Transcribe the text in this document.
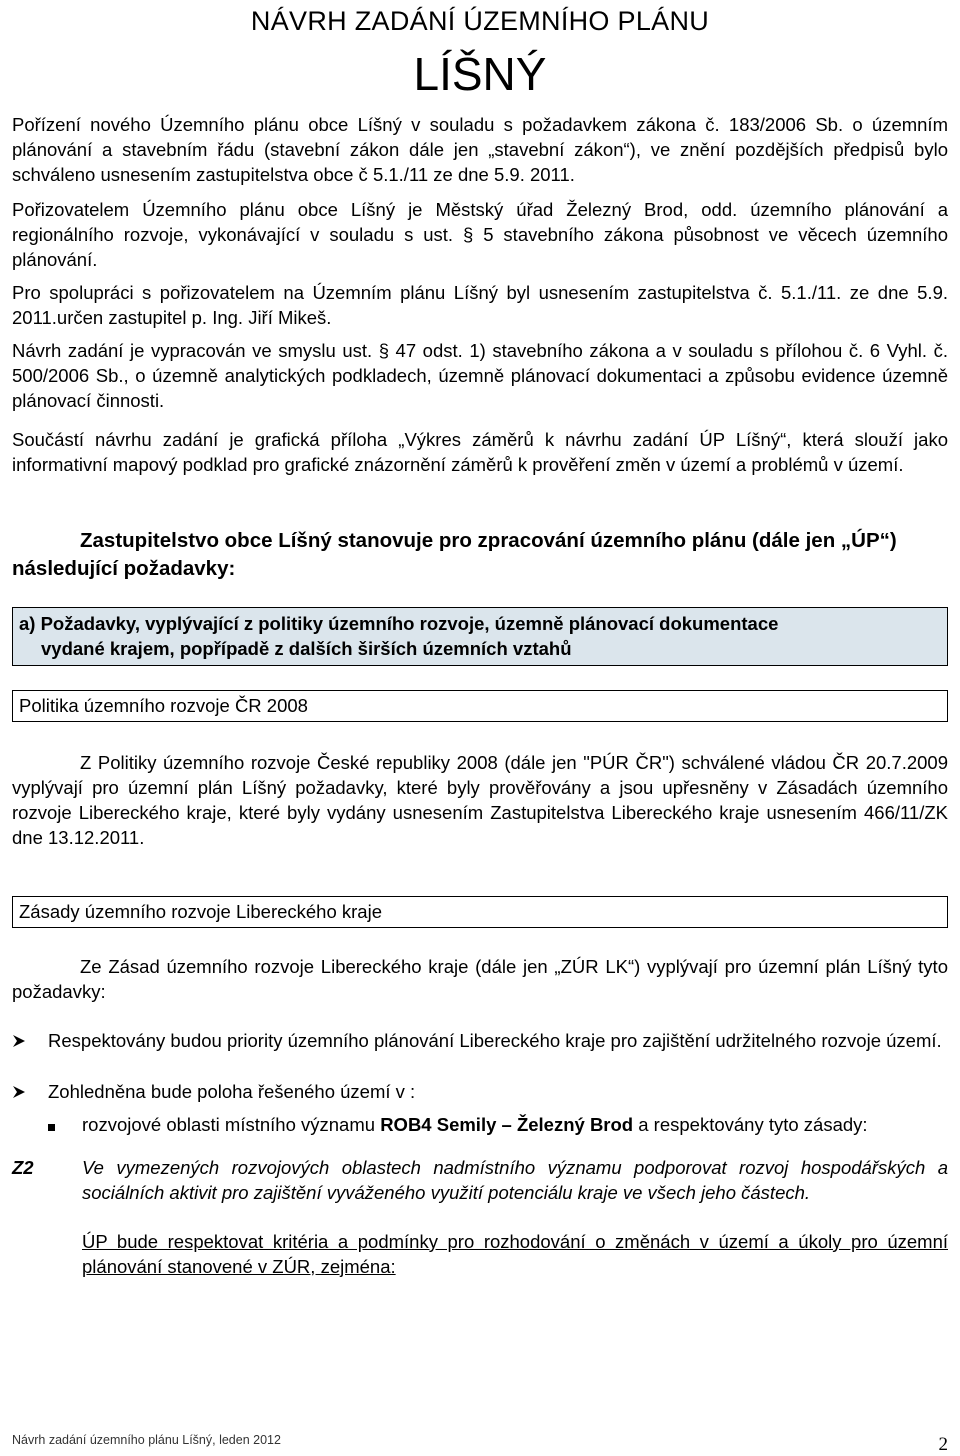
NÁVRH ZADÁNÍ ÚZEMNÍHO PLÁNU
LÍŠNÝ

Pořízení nového Územního plánu obce Líšný v souladu s požadavkem zákona č. 183/2006 Sb. o územním plánování a stavebním řádu (stavební zákon dále jen „stavební zákon“), ve znění pozdějších předpisů bylo schváleno usnesením zastupitelstva obce č 5.1./11 ze dne 5.9. 2011.

Pořizovatelem Územního plánu obce Líšný je Městský úřad Železný Brod, odd. územního plánování a regionálního rozvoje, vykonávající v souladu s ust. § 5 stavebního zákona působnost ve věcech územního plánování.

Pro spolupráci s pořizovatelem na Územním plánu Líšný byl usnesením zastupitelstva č. 5.1./11. ze dne 5.9. 2011.určen zastupitel p. Ing. Jiří Mikeš.

Návrh zadání je vypracován ve smyslu ust. § 47 odst. 1) stavebního zákona a v souladu s přílohou č. 6 Vyhl. č. 500/2006 Sb., o územně analytických podkladech, územně plánovací dokumentaci a způsobu evidence územně plánovací činnosti.

Součástí návrhu zadání je grafická příloha „Výkres záměrů k návrhu zadání ÚP Líšný“, která slouží jako informativní mapový podklad pro grafické znázornění záměrů k prověření změn v území a problémů v území.

Zastupitelstvo obce Líšný stanovuje pro zpracování územního plánu (dále jen „ÚP“) následující požadavky:

a) Požadavky, vyplývající z politiky územního rozvoje, územně plánovací dokumentace
vydané krajem, popřípadě z dalších širších územních vztahů
Politika územního rozvoje ČR 2008

Z Politiky územního rozvoje České republiky 2008 (dále jen "PÚR ČR") schválené vládou ČR 20.7.2009 vyplývají pro územní plán Líšný požadavky, které byly prověřovány a jsou upřesněny v Zásadách územního rozvoje Libereckého kraje, které byly vydány usnesením Zastupitelstva Libereckého kraje usnesením 466/11/ZK dne 13.12.2011.

Zásady územního rozvoje Libereckého kraje

Ze Zásad územního rozvoje Libereckého kraje (dále jen „ZÚR LK“) vyplývají pro územní plán Líšný tyto požadavky:

Respektovány budou priority územního plánování Libereckého kraje pro zajištění udržitelného rozvoje území.

Zohledněna bude poloha řešeného území v :

rozvojové oblasti místního významu ROB4 Semily – Železný Brod a respektovány tyto zásady:

Z2	Ve vymezených rozvojových oblastech nadmístního významu podporovat rozvoj hospodářských a sociálních aktivit pro zajištění vyváženého využití potenciálu kraje ve všech jeho částech.

ÚP bude respektovat kritéria a podmínky pro rozhodování o změnách v území a úkoly pro územní plánování stanovené v ZÚR, zejména:

Návrh zadání územního plánu Líšný, leden 2012	2
